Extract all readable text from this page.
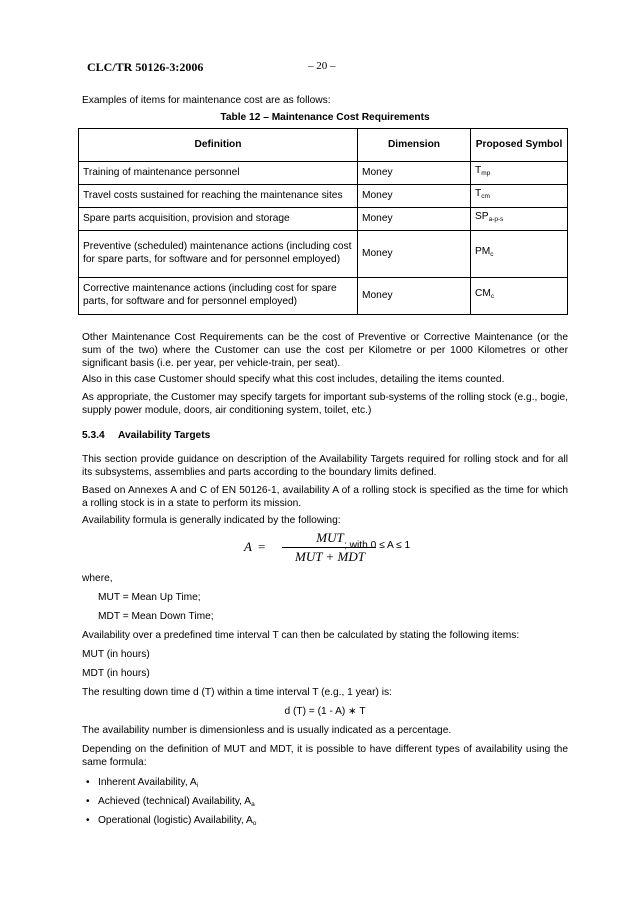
CLC/TR 50126-3:2006	– 20 –
Examples of items for maintenance cost are as follows:
Table 12 – Maintenance Cost Requirements
Definition	Dimension	Proposed Symbol
Training of maintenance personnel	Money	$T_{mp}$
Travel costs sustained for reaching the maintenance sites	Money	$T_{cm}$
Spare parts acquisition, provision and storage	Money	$SP_{a-p-s}$
Preventive (scheduled) maintenance actions (including cost for spare parts, for software and for personnel employed)	Money	$PM_c$
Corrective maintenance actions (including cost for spare parts, for software and for personnel employed)	Money	$CM_c$
Other Maintenance Cost Requirements can be the cost of Preventive or Corrective Maintenance (or the sum of the two) where the Customer can use the cost per Kilometre or per 1000 Kilometres or other significant basis (i.e. per year, per vehicle-train, per seat).
Also in this case Customer should specify what this cost includes, detailing the items counted.
As appropriate, the Customer may specify targets for important sub-systems of the rolling stock (e.g., bogie, supply power module, doors, air conditioning system, toilet, etc.)
5.3.4 Availability Targets
This section provide guidance on description of the Availability Targets required for rolling stock and for all its subsystems, assemblies and parts according to the boundary limits defined.
Based on Annexes A and C of EN 50126-1, availability A of a rolling stock is specified as the time for which a rolling stock is in a state to perform its mission.
Availability formula is generally indicated by the following:
A =
MUT
MUT + MDT
; with 0 ≤ A ≤ 1
where,
MUT = Mean Up Time;
MDT = Mean Down Time;
Availability over a predefined time interval T can then be calculated by stating the following items:
MUT (in hours)
MDT (in hours)
The resulting down time d (T) within a time interval T (e.g., 1 year) is:
d (T) = (1 - A) ∗ T
The availability number is dimensionless and is usually indicated as a percentage.
Depending on the definition of MUT and MDT, it is possible to have different types of availability using the same formula:
• Inherent Availability, $A_i$
• Achieved (technical) Availability, $A_a$
• Operational (logistic) Availability, $A_o$
